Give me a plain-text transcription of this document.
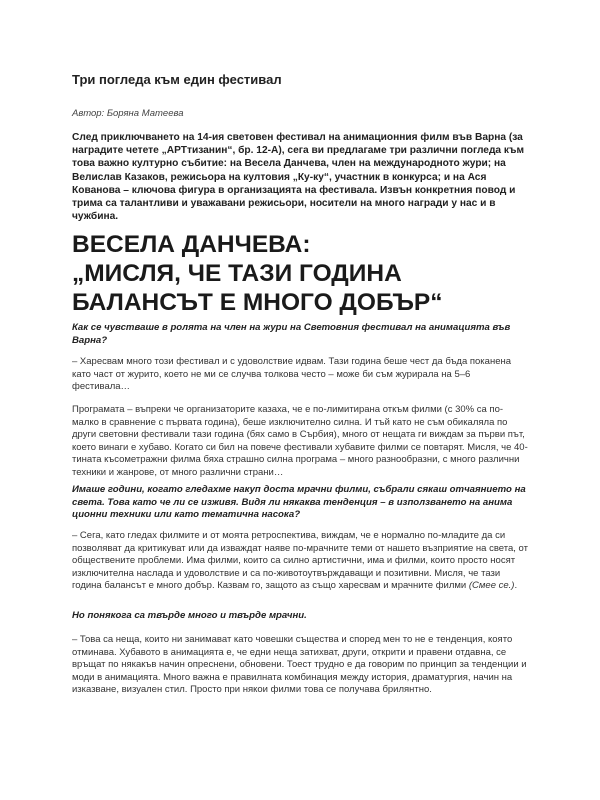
Три погледа към един фестивал
Автор: Боряна Матеева
След приключването на 14-ия световен фестивал на анимационния филм във Варна (за наградите четете „АРТтизанин“, бр. 12-А), сега ви предлагаме три различни погледа към това важно културно събитие: на Весела Данчева, член на международното жури; на Велислав Казаков, режисьора на култовия „Ку-ку“, участник в конкурса; и на Ася Кованова – ключова фигура в организацията на фестивала. Извън конкретния повод и трима са талантливи и уважавани режисьори, носители на много награди у нас и в чужбина.
ВЕСЕЛА ДАНЧЕВА:
„МИСЛЯ, ЧЕ ТАЗИ ГОДИНА
БАЛАНСЪТ Е МНОГО ДОБЪР“
Как се чувстваше в ролята на член на жури на Световния фестивал на анимацията във Варна?
– Харесвам много този фестивал и с удоволствие идвам. Тази година беше чест да бъда поканена като част от журито, което не ми се случва толкова често – може би съм журирала на 5–6 фестивала…
Програмата – въпреки че организаторите казаха, че е по-лимитирана откъм филми (с 30% са по-малко в сравнение с първата година), беше изключително силна. И тъй като не съм обикаляла по други световни фестивали тази година (бях само в Сърбия), много от нещата ги виждам за първи път, което винаги е хубаво. Когато си бил на повече фестивали хубавите филми се повтарят. Мисля, че 40-тината късометражни филма бяха страшно силна програма – много разнообразни, с много различни техники и жанрове, от много различни страни…
Имаше години, когато гледахме накуп доста мрачни филми, събрали сякаш отчаянието на света. Това като че ли се изживя. Видя ли някаква тенденция – в използването на анима ционни техники или като тематична насока?
– Сега, като гледах филмите и от моята ретроспектива, виждам, че е нормално по-младите да си позволяват да критикуват или да изваждат наяве по-мрачните теми от нашето възприятие на света, от обществените проблеми. Има филми, които са силно артистични, има и филми, които просто носят изключителна наслада и удоволствие и са по-животоутвърждаващи и позитивни. Мисля, че тази година балансът е много добър. Казвам го, защото аз също харесвам и мрачните филми (Смее се.).
Но понякога са твърде много и твърде мрачни.
– Това са неща, които ни занимават като човешки същества и според мен то не е тенденция, която отминава. Хубавото в анимацията е, че едни неща затихват, други, открити и правени отдавна, се връщат по някакъв начин опреснени, обновени. Тоест трудно е да говорим по принцип за тенденции и моди в анимацията. Много важна е правилната комбинация между история, драматургия, начин на изказване, визуален стил. Просто при някои филми това се получава брилянтно.
